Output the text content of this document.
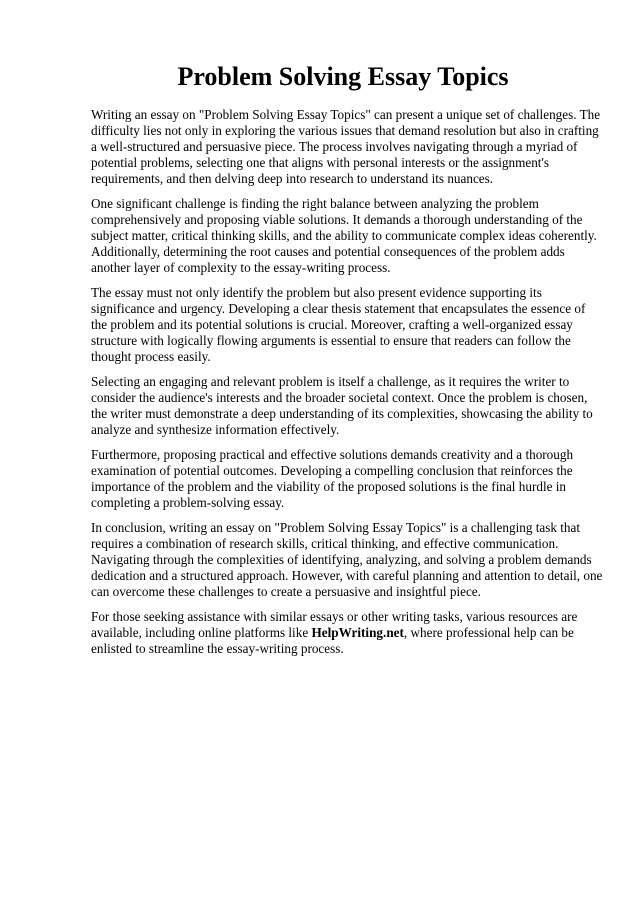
Problem Solving Essay Topics

Writing an essay on "Problem Solving Essay Topics" can present a unique set of challenges. The difficulty lies not only in exploring the various issues that demand resolution but also in crafting a well-structured and persuasive piece. The process involves navigating through a myriad of potential problems, selecting one that aligns with personal interests or the assignment's requirements, and then delving deep into research to understand its nuances.

One significant challenge is finding the right balance between analyzing the problem comprehensively and proposing viable solutions. It demands a thorough understanding of the subject matter, critical thinking skills, and the ability to communicate complex ideas coherently. Additionally, determining the root causes and potential consequences of the problem adds another layer of complexity to the essay-writing process.

The essay must not only identify the problem but also present evidence supporting its significance and urgency. Developing a clear thesis statement that encapsulates the essence of the problem and its potential solutions is crucial. Moreover, crafting a well-organized essay structure with logically flowing arguments is essential to ensure that readers can follow the thought process easily.

Selecting an engaging and relevant problem is itself a challenge, as it requires the writer to consider the audience's interests and the broader societal context. Once the problem is chosen, the writer must demonstrate a deep understanding of its complexities, showcasing the ability to analyze and synthesize information effectively.

Furthermore, proposing practical and effective solutions demands creativity and a thorough examination of potential outcomes. Developing a compelling conclusion that reinforces the importance of the problem and the viability of the proposed solutions is the final hurdle in completing a problem-solving essay.

In conclusion, writing an essay on "Problem Solving Essay Topics" is a challenging task that requires a combination of research skills, critical thinking, and effective communication. Navigating through the complexities of identifying, analyzing, and solving a problem demands dedication and a structured approach. However, with careful planning and attention to detail, one can overcome these challenges to create a persuasive and insightful piece.

For those seeking assistance with similar essays or other writing tasks, various resources are available, including online platforms like HelpWriting.net, where professional help can be enlisted to streamline the essay-writing process.
